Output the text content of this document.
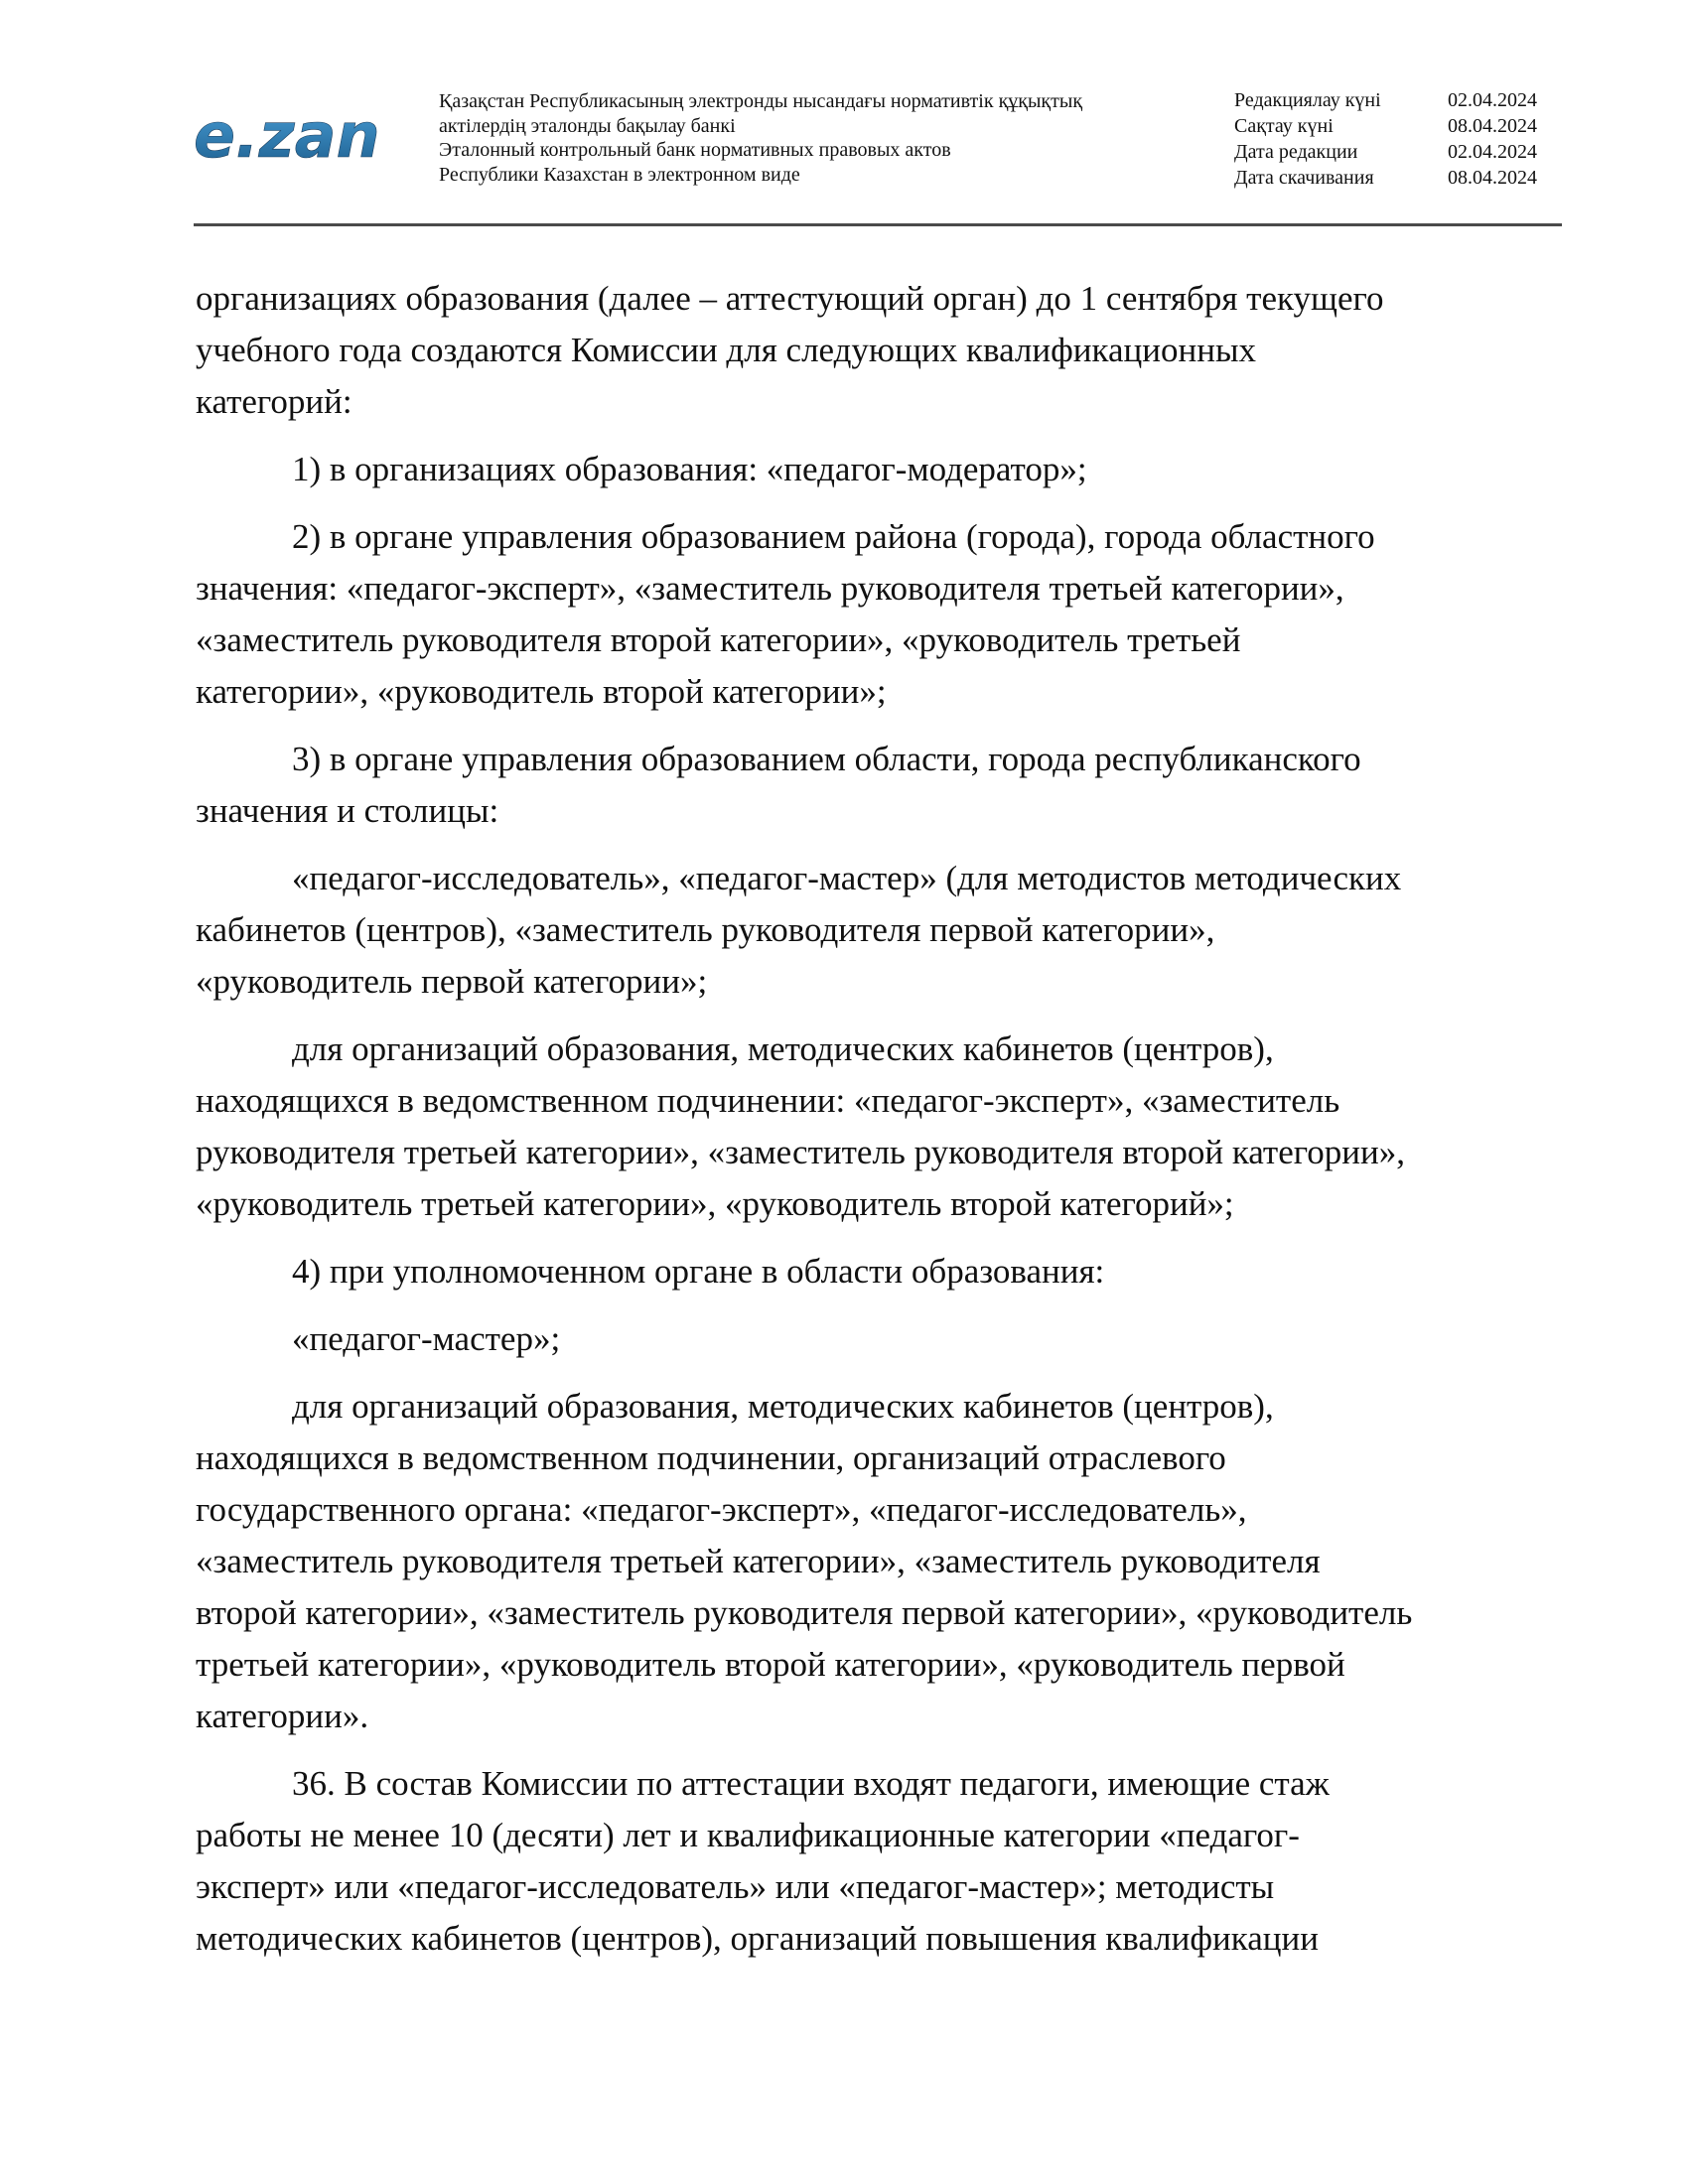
e.zan	Қазақстан Республикасының электронды нысандағы нормативтік құқықтық
актілердің эталонды бақылау банкі
Эталонный контрольный банк нормативных правовых актов
Республики Казахстан в электронном виде
Редакциялау күні	02.04.2024
Сақтау күні	08.04.2024
Дата редакции	02.04.2024
Дата скачивания	08.04.2024
организациях образования (далее – аттестующий орган) до 1 сентября текущего
учебного года создаются Комиссии для следующих квалификационных
категорий:
1) в организациях образования: «педагог-модератор»;
2) в органе управления образованием района (города), города областного
значения: «педагог-эксперт», «заместитель руководителя третьей категории»,
«заместитель руководителя второй категории», «руководитель третьей
категории», «руководитель второй категории»;
3) в органе управления образованием области, города республиканского
значения и столицы:
«педагог-исследователь», «педагог-мастер» (для методистов методических
кабинетов (центров), «заместитель руководителя первой категории»,
«руководитель первой категории»;
для организаций образования, методических кабинетов (центров),
находящихся в ведомственном подчинении: «педагог-эксперт», «заместитель
руководителя третьей категории», «заместитель руководителя второй категории»,
«руководитель третьей категории», «руководитель второй категорий»;
4) при уполномоченном органе в области образования:
«педагог-мастер»;
для организаций образования, методических кабинетов (центров),
находящихся в ведомственном подчинении, организаций отраслевого
государственного органа: «педагог-эксперт», «педагог-исследователь»,
«заместитель руководителя третьей категории», «заместитель руководителя
второй категории», «заместитель руководителя первой категории», «руководитель
третьей категории», «руководитель второй категории», «руководитель первой
категории».
36. В состав Комиссии по аттестации входят педагоги, имеющие стаж
работы не менее 10 (десяти) лет и квалификационные категории «педагог-
эксперт» или «педагог-исследователь» или «педагог-мастер»; методисты
методических кабинетов (центров), организаций повышения квалификации
